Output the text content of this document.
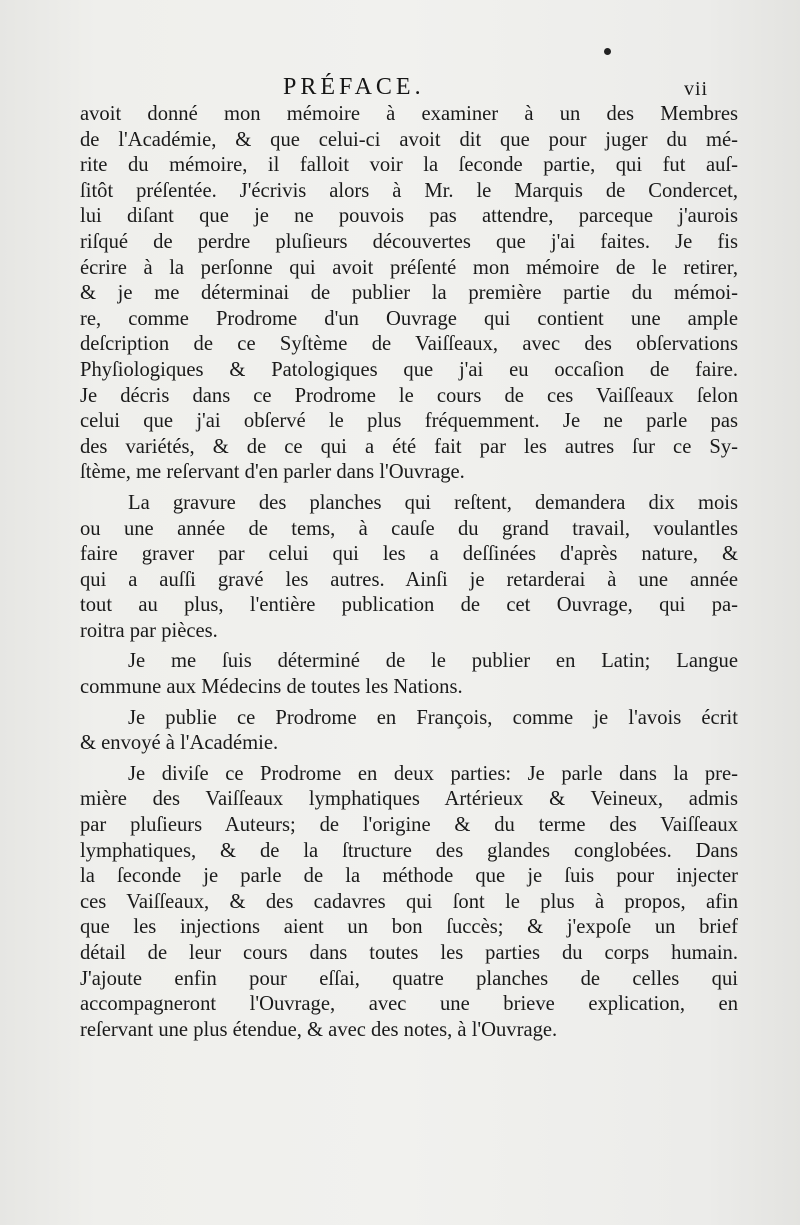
PRÉFACE.	vii
avoit donné mon mémoire à examiner à un des Membres
de l'Académie, & que celui-ci avoit dit que pour juger du mé-
rite du mémoire, il falloit voir la ſeconde partie, qui fut auſ-
ſitôt préſentée. J'écrivis alors à Mr. le Marquis de Condercet,
lui diſant que je ne pouvois pas attendre, parceque j'aurois
riſqué de perdre pluſieurs découvertes que j'ai faites. Je fis
écrire à la perſonne qui avoit préſenté mon mémoire de le retirer,
& je me déterminai de publier la première partie du mémoi-
re, comme Prodrome d'un Ouvrage qui contient une ample
deſcription de ce Syſtème de Vaiſſeaux, avec des obſervations
Phyſiologiques & Patologiques que j'ai eu occaſion de faire.
Je décris dans ce Prodrome le cours de ces Vaiſſeaux ſelon
celui que j'ai obſervé le plus fréquemment. Je ne parle pas
des variétés, & de ce qui a été fait par les autres ſur ce Sy-
ſtème, me reſervant d'en parler dans l'Ouvrage.
La gravure des planches qui reſtent, demandera dix mois
ou une année de tems, à cauſe du grand travail, voulantles
faire graver par celui qui les a deſſinées d'après nature, &
qui a auſſi gravé les autres. Ainſi je retarderai à une année
tout au plus, l'entière publication de cet Ouvrage, qui pa-
roitra par pièces.
Je me ſuis déterminé de le publier en Latin; Langue
commune aux Médecins de toutes les Nations.
Je publie ce Prodrome en François, comme je l'avois écrit
& envoyé à l'Académie.
Je diviſe ce Prodrome en deux parties: Je parle dans la pre-
mière des Vaiſſeaux lymphatiques Artérieux & Veineux, admis
par pluſieurs Auteurs; de l'origine & du terme des Vaiſſeaux
lymphatiques, & de la ſtructure des glandes conglobées. Dans
la ſeconde je parle de la méthode que je ſuis pour injecter
ces Vaiſſeaux, & des cadavres qui ſont le plus à propos, afin
que les injections aient un bon ſuccès; & j'expoſe un brief
détail de leur cours dans toutes les parties du corps humain.
J'ajoute enfin pour eſſai, quatre planches de celles qui
accompagneront l'Ouvrage, avec une brieve explication, en
reſervant une plus étendue, & avec des notes, à l'Ouvrage.
